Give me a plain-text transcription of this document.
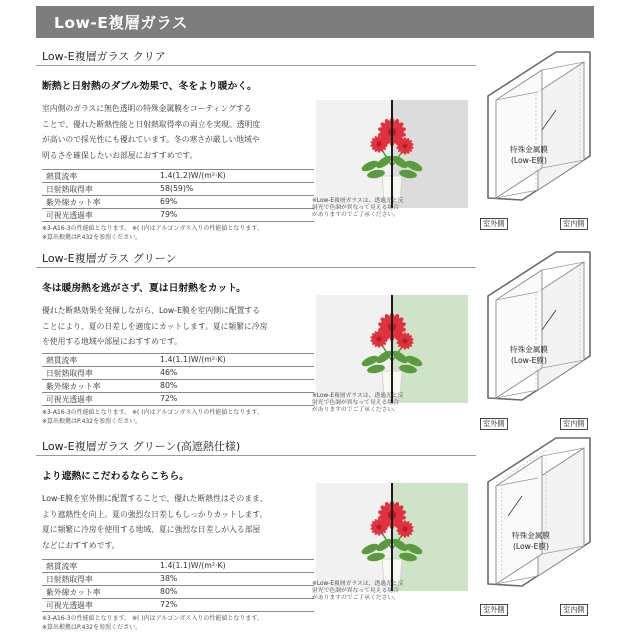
Low-E複層ガラス
Low-E複層ガラス クリア
断熱と日射熱のダブル効果で、冬をより暖かく。
室内側のガラスに無色透明の特殊金属膜をコーティングする
ことで、優れた断熱性能と日射熱取得率の両立を実現。透明度
が高いので採光性にも優れています。冬の寒さが厳しい地域や
明るさを確保したいお部屋におすすめです。
熱貫流率	1.4(1.2)W/(m²·K)
日射熱取得率	58(59)%
紫外線カット率	69%
可視光透過率	79%
※3-A16-3の性能値となります。 ※( )内はアルゴンガス入りの性能値となります。
※算出根拠はP.432を参照ください。
※Low-E複層ガラスは、透過光と反
射光で色調が異なって見える場合
がありますのでご了承ください。
特殊金属膜
(Low-E膜)
室外側	室内側
Low-E複層ガラス グリーン
冬は暖房熱を逃がさず、夏は日射熱をカット。
優れた断熱効果を発揮しながら、Low-E膜を室内側に配置する
ことにより、夏の日差しを適度にカットします。夏に頻繁に冷房
を使用する地域や部屋におすすめです。
熱貫流率	1.4(1.1)W/(m²·K)
日射熱取得率	46%
紫外線カット率	80%
可視光透過率	72%
※3-A16-3の性能値となります。 ※( )内はアルゴンガス入りの性能値となります。
※算出根拠はP.432を参照ください。
※Low-E複層ガラスは、透過光と反
射光で色調が異なって見える場合
がありますのでご了承ください。
特殊金属膜
(Low-E膜)
室外側	室内側
Low-E複層ガラス グリーン(高遮熱仕様)
より遮熱にこだわるならこちら。
Low-E膜を室外側に配置することで、優れた断熱性はそのまま、
より遮熱性を向上。夏の強烈な日差しもしっかりカットします。
夏に頻繁に冷房を使用する地域、夏に強烈な日差しが入る部屋
などにおすすめです。
熱貫流率	1.4(1.1)W/(m²·K)
日射熱取得率	38%
紫外線カット率	80%
可視光透過率	72%
※3-A16-3の性能値となります。 ※( )内はアルゴンガス入りの性能値となります。
※算出根拠はP.432を参照ください。
※Low-E複層ガラスは、透過光と反
射光で色調が異なって見える場合
がありますのでご了承ください。
特殊金属膜
(Low-E膜)
室外側	室内側
